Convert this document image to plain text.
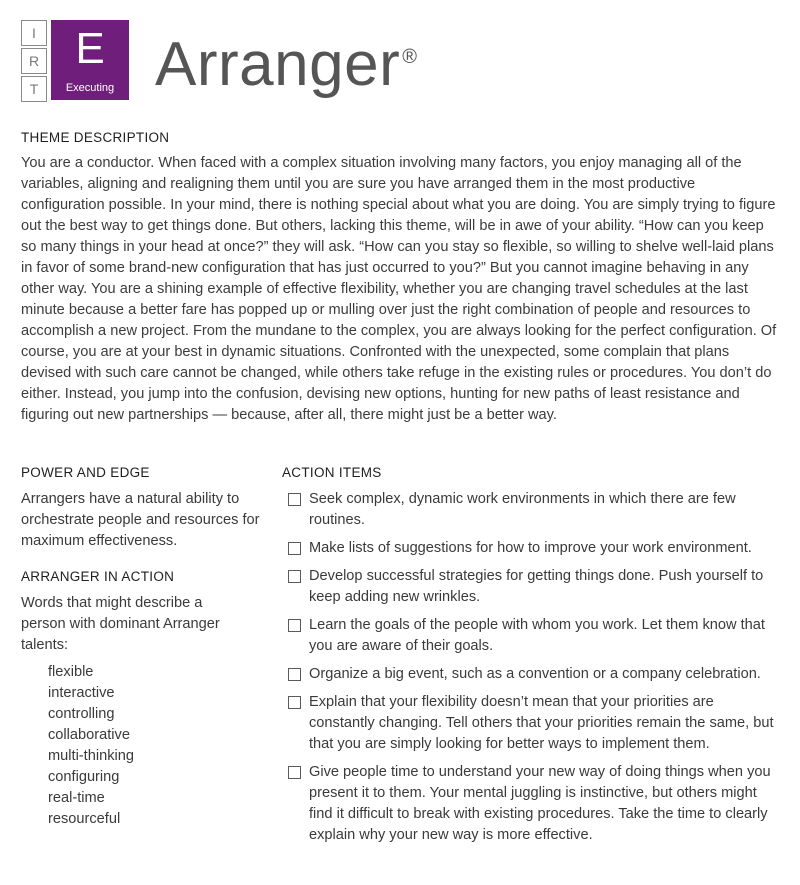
I
R
T
E
Executing Arranger ®
THEME DESCRIPTION

You are a conductor. When faced with a complex situation involving many factors, you enjoy managing all of the variables, aligning and realigning them until you are sure you have arranged them in the most productive configuration possible. In your mind, there is nothing special about what you are doing. You are simply trying to figure out the best way to get things done. But others, lacking this theme, will be in awe of your ability. “How can you keep so many things in your head at once?” they will ask. “How can you stay so flexible, so willing to shelve well-laid plans in favor of some brand-new configuration that has just occurred to you?” But you cannot imagine behaving in any other way. You are a shining example of effective flexibility, whether you are changing travel schedules at the last minute because a better fare has popped up or mulling over just the right combination of people and resources to accomplish a new project. From the mundane to the complex, you are always looking for the perfect configuration. Of course, you are at your best in dynamic situations. Confronted with the unexpected, some complain that plans devised with such care cannot be changed, while others take refuge in the existing rules or procedures. You don’t do either. Instead, you jump into the confusion, devising new options, hunting for new paths of least resistance and figuring out new partnerships — because, after all, there might just be a better way.

POWER AND EDGE

Arrangers have a natural ability to orchestrate people and resources for maximum effectiveness.

ARRANGER IN ACTION

Words that might describe a person with dominant Arranger talents:

flexible
interactive
controlling
collaborative
multi-thinking
configuring
real-time
resourceful
ACTION ITEMS
Seek complex, dynamic work environments in which there are few routines.
Make lists of suggestions for how to improve your work environment.
Develop successful strategies for getting things done. Push yourself to keep adding new wrinkles.
Learn the goals of the people with whom you work. Let them know that you are aware of their goals.
Organize a big event, such as a convention or a company celebration.
Explain that your flexibility doesn’t mean that your priorities are constantly changing. Tell others that your priorities remain the same, but that you are simply looking for better ways to implement them.
Give people time to understand your new way of doing things when you present it to them. Your mental juggling is instinctive, but others might find it difficult to break with existing procedures. Take the time to clearly explain why your new way is more effective.
